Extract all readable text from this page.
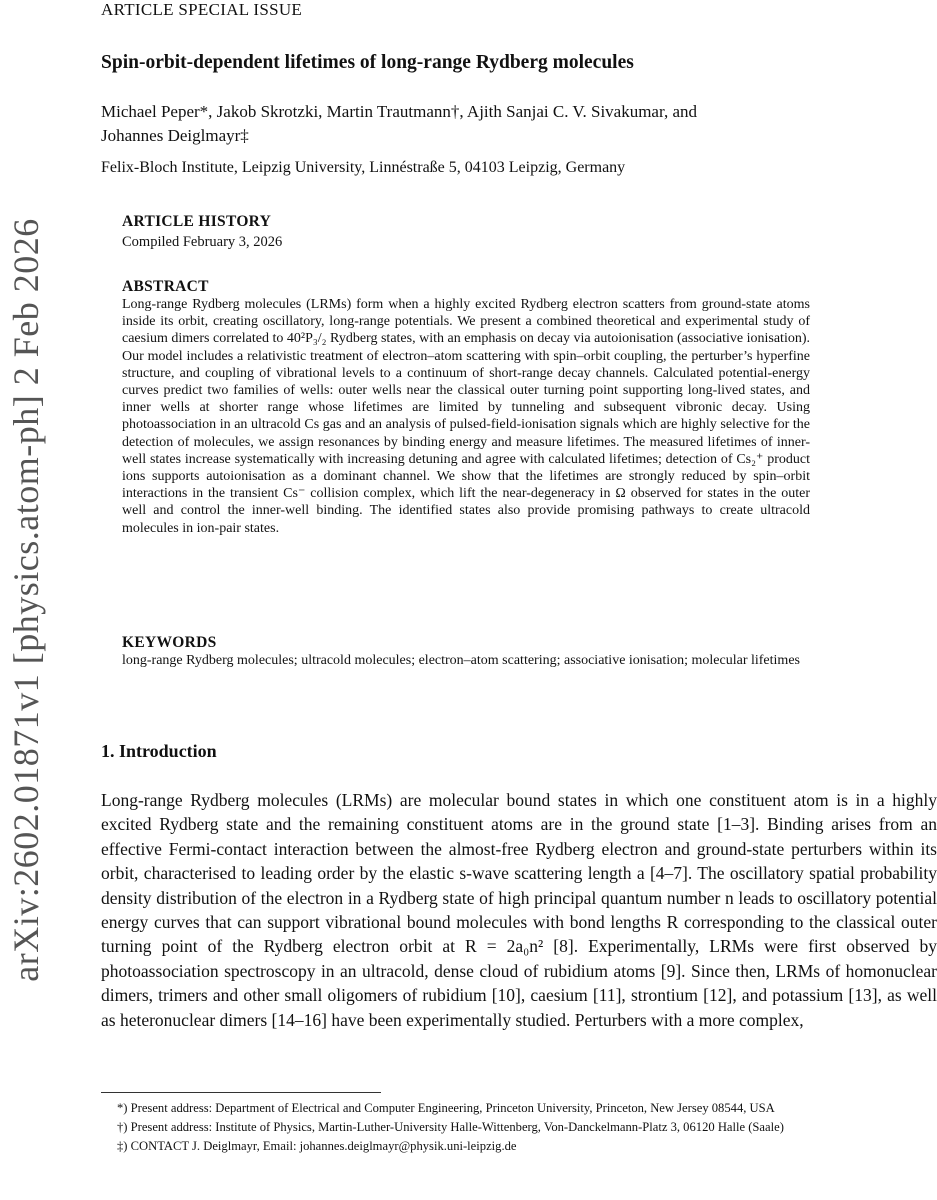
arXiv:2602.01871v1 [physics.atom-ph] 2 Feb 2026
ARTICLE SPECIAL ISSUE
Spin-orbit-dependent lifetimes of long-range Rydberg molecules
Michael Peper*, Jakob Skrotzki, Martin Trautmann†, Ajith Sanjai C. V. Sivakumar, and
Johannes Deiglmayr‡
Felix-Bloch Institute, Leipzig University, Linnéstraße 5, 04103 Leipzig, Germany
ARTICLE HISTORY
Compiled February 3, 2026
ABSTRACT
Long-range Rydberg molecules (LRMs) form when a highly excited Rydberg electron scatters from ground-state atoms inside its orbit, creating oscillatory, long-range potentials. We present a combined theoretical and experimental study of caesium dimers correlated to 40²P₃/₂ Rydberg states, with an emphasis on decay via autoionisation (associative ionisation). Our model includes a relativistic treatment of electron–atom scattering with spin–orbit coupling, the perturber’s hyperfine structure, and coupling of vibrational levels to a continuum of short-range decay channels. Calculated potential-energy curves predict two families of wells: outer wells near the classical outer turning point supporting long-lived states, and inner wells at shorter range whose lifetimes are limited by tunneling and subsequent vibronic decay. Using photoassociation in an ultracold Cs gas and an analysis of pulsed-field-ionisation signals which are highly selective for the detection of molecules, we assign resonances by binding energy and measure lifetimes. The measured lifetimes of inner-well states increase systematically with increasing detuning and agree with calculated lifetimes; detection of Cs₂⁺ product ions supports autoionisation as a dominant channel. We show that the lifetimes are strongly reduced by spin–orbit interactions in the transient Cs⁻ collision complex, which lift the near-degeneracy in Ω observed for states in the outer well and control the inner-well binding. The identified states also provide promising pathways to create ultracold molecules in ion-pair states.
KEYWORDS
long-range Rydberg molecules; ultracold molecules; electron–atom scattering; associative ionisation; molecular lifetimes
1. Introduction
Long-range Rydberg molecules (LRMs) are molecular bound states in which one constituent atom is in a highly excited Rydberg state and the remaining constituent atoms are in the ground state [1–3]. Binding arises from an effective Fermi-contact interaction between the almost-free Rydberg electron and ground-state perturbers within its orbit, characterised to leading order by the elastic s-wave scattering length a [4–7]. The oscillatory spatial probability density distribution of the electron in a Rydberg state of high principal quantum number n leads to oscillatory potential energy curves that can support vibrational bound molecules with bond lengths R corresponding to the classical outer turning point of the Rydberg electron orbit at R = 2a₀n² [8]. Experimentally, LRMs were first observed by photoassociation spectroscopy in an ultracold, dense cloud of rubidium atoms [9]. Since then, LRMs of homonuclear dimers, trimers and other small oligomers of rubidium [10], caesium [11], strontium [12], and potassium [13], as well as heteronuclear dimers [14–16] have been experimentally studied. Perturbers with a more complex,

*) Present address: Department of Electrical and Computer Engineering, Princeton University, Princeton, New Jersey 08544, USA

†) Present address: Institute of Physics, Martin-Luther-University Halle-Wittenberg, Von-Danckelmann-Platz 3, 06120 Halle (Saale)

‡) CONTACT J. Deiglmayr, Email: johannes.deiglmayr@physik.uni-leipzig.de
